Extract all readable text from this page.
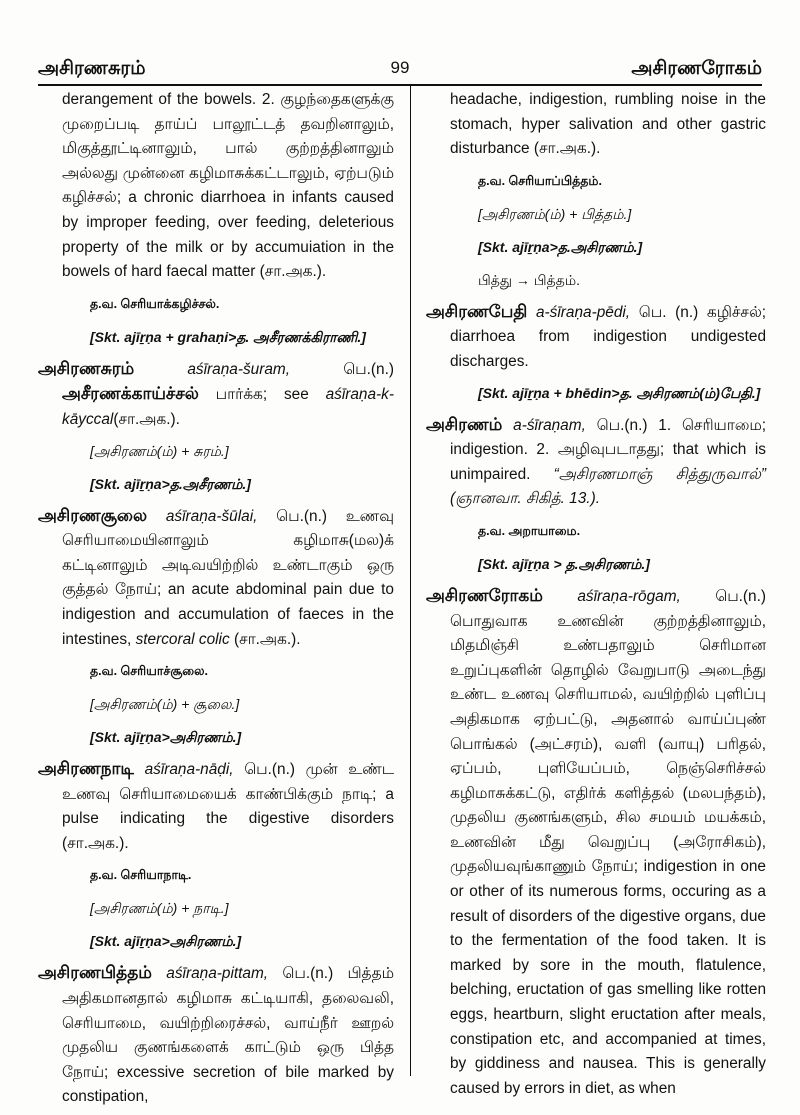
அசிரணசுரம்	99	அசிரணரோகம்

derangement of the bowels. 2. குழந்தைகளுக்கு முறைப்படி தாய்ப் பாலூட்டத் தவறினாலும், மிகுத்தூட்டினாலும், பால் குற்றத்தினாலும் அல்லது முன்னை கழிமாசுக்கட்டாலும், ஏற்படும் கழிச்சல்; a chronic diarrhoea in infants caused by improper feeding, over feeding, deleterious property of the milk or by accumuiation in the bowels of hard faecal matter (சா.அக.).

த.வ. செரியாக்கழிச்சல்.
[Skt. ajīṟṇa + grahaṇi>த. அசீரணக்கிராணி.]

அசிரணசுரம்	aśīraṇa-šuram,	பெ.(n.) அசீரணக்காய்ச்சல் பார்க்க; see aśīraṇa-k-kāyccal(சா.அக.).

[அசிரணம்(ம்) + சுரம்.]
[Skt. ajīṟṇa>த.அசீரணம்.]

அசிரணசூலை aśīraṇa-šūlai, பெ.(n.) உணவு செரியாமையினாலும் கழிமாசு(மல)க் கட்டினாலும் அடிவயிற்றில் உண்டாகும் ஒரு குத்தல் நோய்; an acute abdominal pain due to indigestion and accumulation of faeces in the intestines, stercoral colic (சா.அக.).

த.வ. செரியாச்சூலை.
[அசிரணம்(ம்) + சூலை.]
[Skt. ajīṟṇa>அசிரணம்.]

அசிரணநாடி aśīraṇa-nāḍi, பெ.(n.) முன் உண்ட உணவு செரியாமையைக் காண்பிக்கும் நாடி; a pulse indicating the digestive disorders (சா.அக.).

த.வ. செரியாநாடி.
[அசிரணம்(ம்) + நாடி.]
[Skt. ajīṟṇa>அசிரணம்.]

அசிரணபித்தம் aśīraṇa-pittam, பெ.(n.) பித்தம் அதிகமானதால் கழிமாசு கட்டியாகி, தலைவலி, செரியாமை, வயிற்றிரைச்சல், வாய்நீர் ஊறல் முதலிய குணங்களைக் காட்டும் ஒரு பித்த நோய்; excessive secretion of bile marked by constipation,

headache, indigestion, rumbling noise in the stomach, hyper salivation and other gastric disturbance (சா.அக.).

த.வ. செரியாப்பித்தம்.
[அசிரணம்(ம்) + பித்தம்.]
[Skt. ajīṟṇa>த.அசிரணம்.]
பித்து → பித்தம்.

அசிரணபேதி a-śīraṇa-pēdi, பெ. (n.) கழிச்சல்; diarrhoea from indigestion undigested discharges.

[Skt. ajīṟṇa + bhēdin>த. அசிரணம்(ம்)பேதி.]

அசிரணம் a-śīraṇam, பெ.(n.) 1. செரியாமை; indigestion. 2. அழிவுபடாதது; that which is unimpaired. “அசிரணமாஞ் சித்துருவால்” (ஞானவா. சிகித். 13.).

த.வ. அறாயாமை.
[Skt. ajīṟṇa > த.அசிரணம்.]

அசிரணரோகம் aśīraṇa-rōgam, பெ.(n.) பொதுவாக உணவின் குற்றத்தினாலும், மிதமிஞ்சி உண்பதாலும் செரிமான உறுப்புகளின் தொழில் வேறுபாடு அடைந்து உண்ட உணவு செரியாமல், வயிற்றில் புளிப்பு அதிகமாக ஏற்பட்டு, அதனால் வாய்ப்புண் பொங்கல் (அட்சரம்), வளி (வாயு) பரிதல், ஏப்பம், புளியேப்பம், நெஞ்செரிச்சல் கழிமாசுக்கட்டு, எதிர்க் களித்தல் (மலபந்தம்), முதலிய குணங்களும், சில சமயம் மயக்கம், உணவின் மீது வெறுப்பு (அரோசிகம்), முதலியவுங்காணும் நோய்; indigestion in one or other of its numerous forms, occuring as a result of disorders of the digestive organs, due to the fermentation of the food taken. It is marked by sore in the mouth, flatulence, belching, eructation of gas smelling like rotten eggs, heartburn, slight eructation after meals, constipation etc, and accompanied at times, by giddiness and nausea. This is generally caused by errors in diet, as when
